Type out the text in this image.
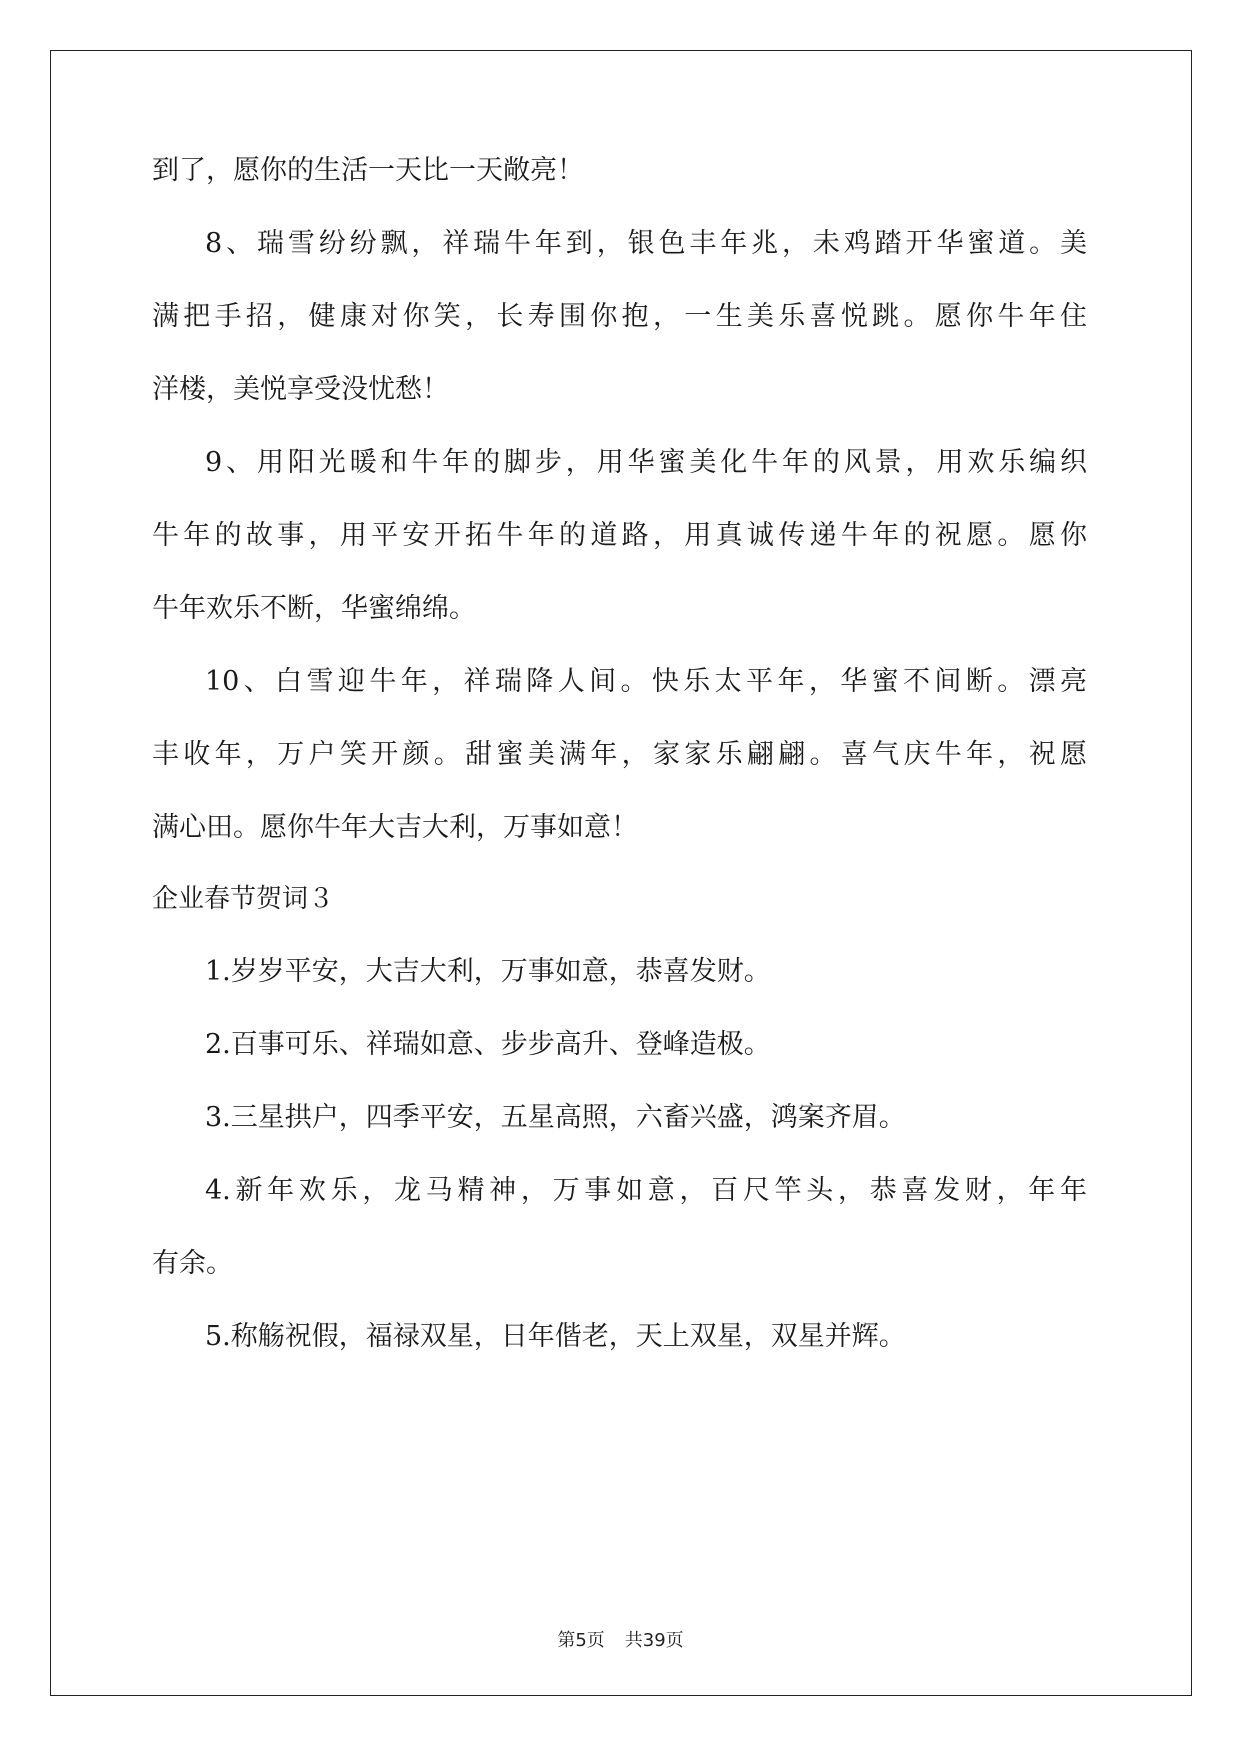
到了，愿你的生活一天比一天敞亮！
8、瑞雪纷纷飘，祥瑞牛年到，银色丰年兆，未鸡踏开华蜜道。美
满把手招，健康对你笑，长寿围你抱，一生美乐喜悦跳。愿你牛年住
洋楼，美悦享受没忧愁！
9、用阳光暖和牛年的脚步，用华蜜美化牛年的风景，用欢乐编织
牛年的故事，用平安开拓牛年的道路，用真诚传递牛年的祝愿。愿你
牛年欢乐不断，华蜜绵绵。
10、白雪迎牛年，祥瑞降人间。快乐太平年，华蜜不间断。漂亮
丰收年，万户笑开颜。甜蜜美满年，家家乐翩翩。喜气庆牛年，祝愿
满心田。愿你牛年大吉大利，万事如意！
企业春节贺词３
1.岁岁平安，大吉大利，万事如意，恭喜发财。
2.百事可乐、祥瑞如意、步步高升、登峰造极。
3.三星拱户，四季平安，五星高照，六畜兴盛，鸿案齐眉。
4.新年欢乐，龙马精神，万事如意，百尺竿头，恭喜发财，年年
有余。
5.称觞祝假，福禄双星，日年偕老，天上双星，双星并辉。
第5页 共39页
